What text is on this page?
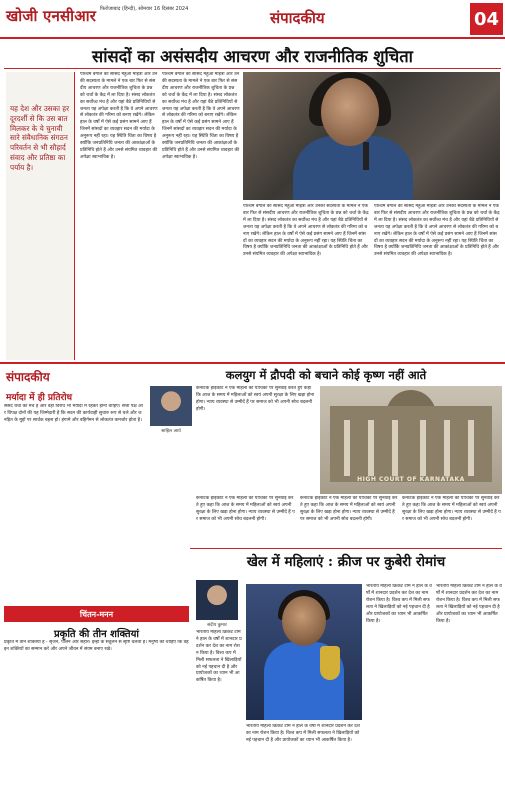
खोजी एनसीआर फिरोजाबाद (हिन्दी), सोमवार 16 दिसंबर 2024	संपादकीय	04
सांसदों का असंसदीय आचरण और राजनीतिक शुचिता
यह देश और उसका हर दूरदर्शी से कि उस बात मिलकर के ये चुनावी सारे संवैधानिक संगठन परिवर्तन से भी सौहार्द संवाद और प्रतिष्ठा का पर्याय है।
पश्चिम बंगाल की सांसद महुआ मोइत्रा और उनकी सदस्यता के मामले ने एक बार फिर से संसदीय आचरण और राजनीतिक शुचिता के प्रश्न को चर्चा के केंद्र में ला दिया है। संसद लोकतंत्र का सर्वोच्च मंच है और यहां बैठे प्रतिनिधियों से जनता यह अपेक्षा करती है कि वे अपने आचरण से लोकतंत्र की गरिमा को बनाए रखेंगे। लेकिन हाल के वर्षों में ऐसे कई प्रसंग सामने आए हैं जिनमें सांसदों का व्यवहार सदन की मर्यादा के अनुरूप नहीं रहा। यह स्थिति चिंता का विषय है क्योंकि जनप्रतिनिधि जनता की आकांक्षाओं के प्रतिनिधि होते हैं और उनसे संयमित व्यवहार की अपेक्षा स्वाभाविक है।
पश्चिम बंगाल की सांसद महुआ मोइत्रा और उनकी सदस्यता के मामले ने एक बार फिर से संसदीय आचरण और राजनीतिक शुचिता के प्रश्न को चर्चा के केंद्र में ला दिया है। संसद लोकतंत्र का सर्वोच्च मंच है और यहां बैठे प्रतिनिधियों से जनता यह अपेक्षा करती है कि वे अपने आचरण से लोकतंत्र की गरिमा को बनाए रखेंगे। लेकिन हाल के वर्षों में ऐसे कई प्रसंग सामने आए हैं जिनमें सांसदों का व्यवहार सदन की मर्यादा के अनुरूप नहीं रहा। यह स्थिति चिंता का विषय है क्योंकि जनप्रतिनिधि जनता की आकांक्षाओं के प्रतिनिधि होते हैं और उनसे संयमित व्यवहार की अपेक्षा स्वाभाविक है।
पश्चिम बंगाल की सांसद महुआ मोइत्रा और उनकी सदस्यता के मामले ने एक बार फिर से संसदीय आचरण और राजनीतिक शुचिता के प्रश्न को चर्चा के केंद्र में ला दिया है। संसद लोकतंत्र का सर्वोच्च मंच है और यहां बैठे प्रतिनिधियों से जनता यह अपेक्षा करती है कि वे अपने आचरण से लोकतंत्र की गरिमा को बनाए रखेंगे। लेकिन हाल के वर्षों में ऐसे कई प्रसंग सामने आए हैं जिनमें सांसदों का व्यवहार सदन की मर्यादा के अनुरूप नहीं रहा। यह स्थिति चिंता का विषय है क्योंकि जनप्रतिनिधि जनता की आकांक्षाओं के प्रतिनिधि होते हैं और उनसे संयमित व्यवहार की अपेक्षा स्वाभाविक है।
पश्चिम बंगाल की सांसद महुआ मोइत्रा और उनकी सदस्यता के मामले ने एक बार फिर से संसदीय आचरण और राजनीतिक शुचिता के प्रश्न को चर्चा के केंद्र में ला दिया है। संसद लोकतंत्र का सर्वोच्च मंच है और यहां बैठे प्रतिनिधियों से जनता यह अपेक्षा करती है कि वे अपने आचरण से लोकतंत्र की गरिमा को बनाए रखेंगे। लेकिन हाल के वर्षों में ऐसे कई प्रसंग सामने आए हैं जिनमें सांसदों का व्यवहार सदन की मर्यादा के अनुरूप नहीं रहा। यह स्थिति चिंता का विषय है क्योंकि जनप्रतिनिधि जनता की आकांक्षाओं के प्रतिनिधि होते हैं और उनसे संयमित व्यवहार की अपेक्षा स्वाभाविक है।
संपादकीय
मर्यादा में ही प्रतिरोध
संसद चर्चा का मंच है और वहां विरोध भी मर्यादा में रहकर होना चाहिए। सत्ता पक्ष और विपक्ष दोनों की यह जिम्मेदारी है कि सदन की कार्यवाही सुचारु रूप से चले और जनहित के मुद्दों पर सार्थक बहस हो। हंगामे और बहिर्गमन से लोकतंत्र कमजोर होता है।
कलयुग में द्रौपदी को बचाने कोई कृष्ण नहीं आते
साहिल आर्य
कर्नाटक हाईकोर्ट ने एक महिला की याचिका पर सुनवाई करते हुए कहा कि आज के समय में महिलाओं को स्वयं अपनी सुरक्षा के लिए खड़ा होना होगा। न्याय व्यवस्था से उम्मीदें हैं पर समाज को भी अपनी सोच बदलनी होगी।
HIGH COURT OF KARNATAKA
कर्नाटक हाईकोर्ट ने एक महिला की याचिका पर सुनवाई करते हुए कहा कि आज के समय में महिलाओं को स्वयं अपनी सुरक्षा के लिए खड़ा होना होगा। न्याय व्यवस्था से उम्मीदें हैं पर समाज को भी अपनी सोच बदलनी होगी।
कर्नाटक हाईकोर्ट ने एक महिला की याचिका पर सुनवाई करते हुए कहा कि आज के समय में महिलाओं को स्वयं अपनी सुरक्षा के लिए खड़ा होना होगा। न्याय व्यवस्था से उम्मीदें हैं पर समाज को भी अपनी सोच बदलनी होगी।
कर्नाटक हाईकोर्ट ने एक महिला की याचिका पर सुनवाई करते हुए कहा कि आज के समय में महिलाओं को स्वयं अपनी सुरक्षा के लिए खड़ा होना होगा। न्याय व्यवस्था से उम्मीदें हैं पर समाज को भी अपनी सोच बदलनी होगी।
खेल में महिलाएं : क्रीज पर कुबेरी रोमांच
संदीप कुमार
भारतीय महिला क्रिकेट टीम ने हाल के वर्षों में शानदार प्रदर्शन कर देश का नाम रोशन किया है। विश्व कप में मिली सफलता ने खिलाड़ियों को नई पहचान दी है और प्रायोजकों का ध्यान भी आकर्षित किया है।
भारतीय महिला क्रिकेट टीम ने हाल के वर्षों में शानदार प्रदर्शन कर देश का नाम रोशन किया है। विश्व कप में मिली सफलता ने खिलाड़ियों को नई पहचान दी है और प्रायोजकों का ध्यान भी आकर्षित किया है।
भारतीय महिला क्रिकेट टीम ने हाल के वर्षों में शानदार प्रदर्शन कर देश का नाम रोशन किया है। विश्व कप में मिली सफलता ने खिलाड़ियों को नई पहचान दी है और प्रायोजकों का ध्यान भी आकर्षित किया है।
भारतीय महिला क्रिकेट टीम ने हाल के वर्षों में शानदार प्रदर्शन कर देश का नाम रोशन किया है। विश्व कप में मिली सफलता ने खिलाड़ियों को नई पहचान दी है और प्रायोजकों का ध्यान भी आकर्षित किया है।
चिंतन-मनन
प्रकृति की तीन शक्तियां
प्रकृति में तीन शक्तियां हैं - सृजन, पालन और संहार। इन्हीं के संतुलन से सृष्टि चलती है। मनुष्य को चाहिए कि वह इन शक्तियों का सम्मान करे और अपने जीवन में संयम बनाए रखे।
